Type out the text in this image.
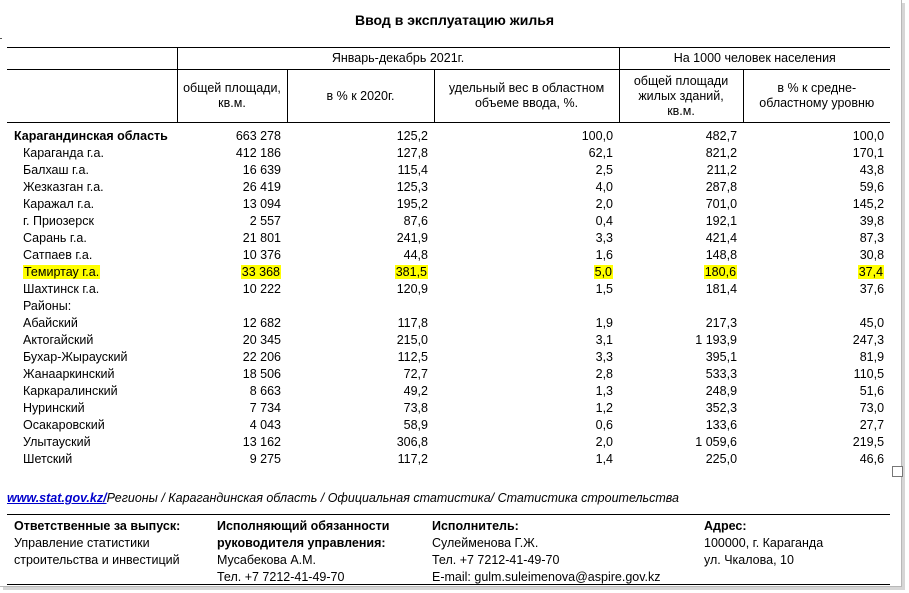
Ввод в эксплуатацию жилья
	Январь-декабрь 2021г.			На 1000 человек населения	
	общей площади, кв.м.	в % к 2020г.	удельный вес в областном объеме ввода, %.	общей площади жилых зданий, кв.м.	в % к средне-областному уровню
Карагандинская область	663 278	125,2	100,0	482,7	100,0
Караганда г.а.	412 186	127,8	62,1	821,2	170,1
Балхаш г.а.	16 639	115,4	2,5	211,2	43,8
Жезказган г.а.	26 419	125,3	4,0	287,8	59,6
Каражал г.а.	13 094	195,2	2,0	701,0	145,2
г. Приозерск	2 557	87,6	0,4	192,1	39,8
Сарань г.а.	21 801	241,9	3,3	421,4	87,3
Сатпаев г.а.	10 376	44,8	1,6	148,8	30,8
Темиртау г.а.	33 368	381,5	5,0	180,6	37,4
Шахтинск г.а.	10 222	120,9	1,5	181,4	37,6
Районы:					
Абайский	12 682	117,8	1,9	217,3	45,0
Актогайский	20 345	215,0	3,1	1 193,9	247,3
Бухар-Жырауский	22 206	112,5	3,3	395,1	81,9
Жанааркинский	18 506	72,7	2,8	533,3	110,5
Каркаралинский	8 663	49,2	1,3	248,9	51,6
Нуринский	7 734	73,8	1,2	352,3	73,0
Осакаровский	4 043	58,9	0,6	133,6	27,7
Улытауский	13 162	306,8	2,0	1 059,6	219,5
Шетский	9 275	117,2	1,4	225,0	46,6
www.stat.gov.kz/Регионы / Карагандинская область / Официальная статистика/ Статистика строительства
Ответственные за выпуск:
Управление статистики
строительства и инвестиций
Исполняющий обязанности
руководителя управления:
Мусабекова А.М.
Тел. +7 7212-41-49-70
Исполнитель:
Сулейменова Г.Ж.
Тел. +7 7212-41-49-70
E-mail: gulm.suleimenova@aspire.gov.kz
Адрес:
100000, г. Караганда
ул. Чкалова, 10
